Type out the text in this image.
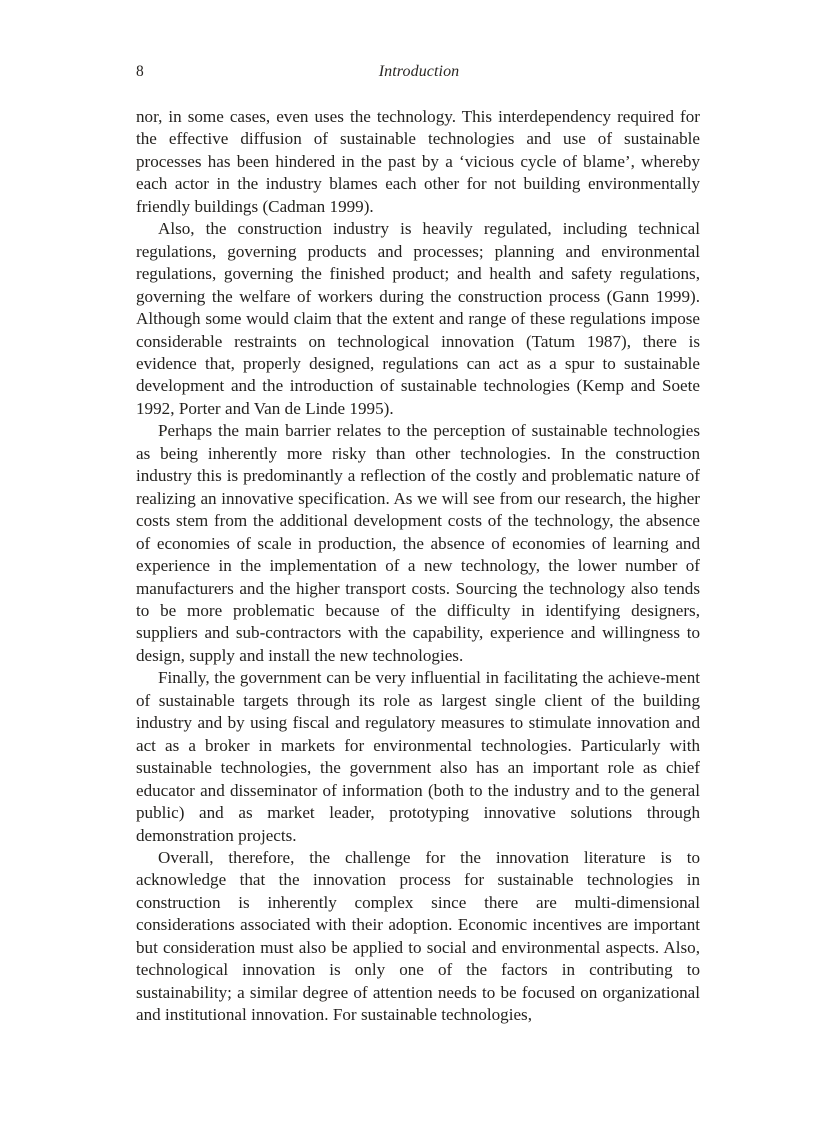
8	Introduction

nor, in some cases, even uses the technology. This interdependency required for the effective diffusion of sustainable technologies and use of sustainable processes has been hindered in the past by a ‘vicious cycle of blame’, whereby each actor in the industry blames each other for not building environmentally friendly buildings (Cadman 1999).

Also, the construction industry is heavily regulated, including technical regulations, governing products and processes; planning and environmental regulations, governing the finished product; and health and safety regulations, governing the welfare of workers during the construction process (Gann 1999). Although some would claim that the extent and range of these regulations impose considerable restraints on technological innovation (Tatum 1987), there is evidence that, properly designed, regulations can act as a spur to sustainable development and the introduction of sustainable technologies (Kemp and Soete 1992, Porter and Van de Linde 1995).

Perhaps the main barrier relates to the perception of sustainable technologies as being inherently more risky than other technologies. In the construction industry this is predominantly a reflection of the costly and problematic nature of realizing an innovative specification. As we will see from our research, the higher costs stem from the additional development costs of the technology, the absence of economies of scale in production, the absence of economies of learning and experience in the implementation of a new technology, the lower number of manufacturers and the higher transport costs. Sourcing the technology also tends to be more problematic because of the difficulty in identifying designers, suppliers and sub-contractors with the capability, experience and willingness to design, supply and install the new technologies.

Finally, the government can be very influential in facilitating the achieve-ment of sustainable targets through its role as largest single client of the building industry and by using fiscal and regulatory measures to stimulate innovation and act as a broker in markets for environmental technologies. Particularly with sustainable technologies, the government also has an important role as chief educator and disseminator of information (both to the industry and to the general public) and as market leader, prototyping innovative solutions through demonstration projects.

Overall, therefore, the challenge for the innovation literature is to acknowledge that the innovation process for sustainable technologies in construction is inherently complex since there are multi-dimensional considerations associated with their adoption. Economic incentives are important but consideration must also be applied to social and environmental aspects. Also, technological innovation is only one of the factors in contributing to sustainability; a similar degree of attention needs to be focused on organizational and institutional innovation. For sustainable technologies,
